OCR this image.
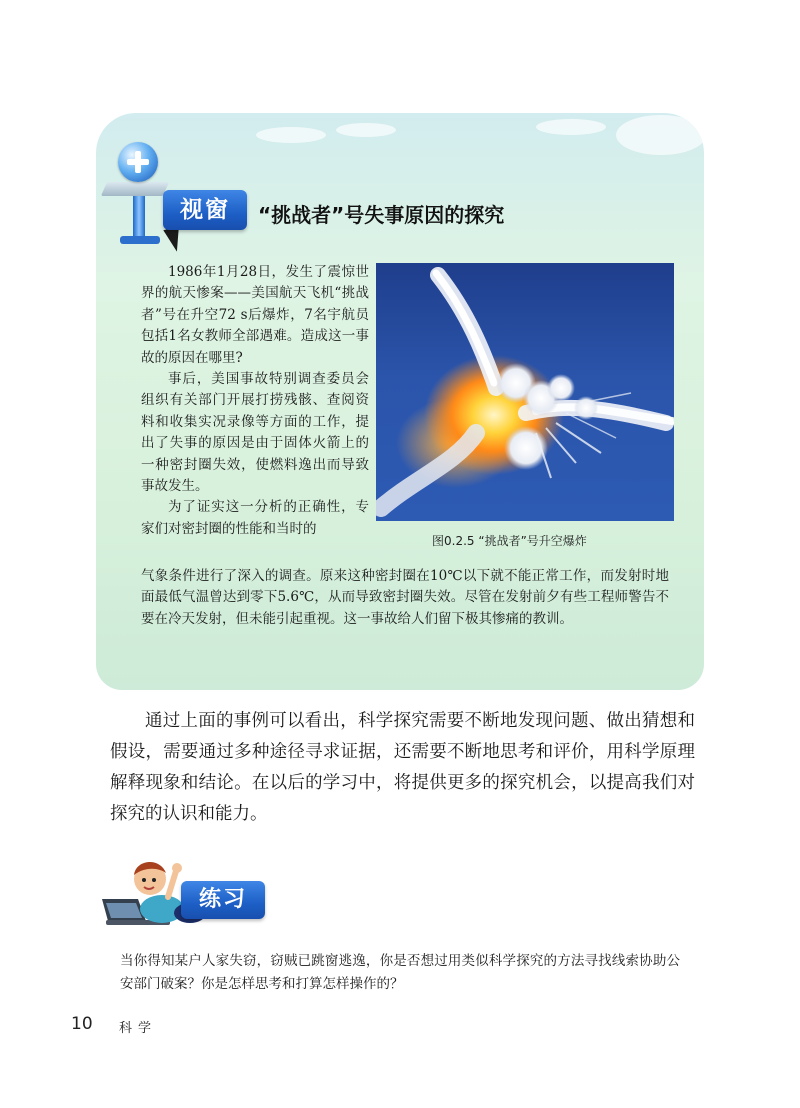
视窗	“挑战者”号失事原因的探究
图0.2.5 “挑战者”号升空爆炸

1986年1月28日，发生了震惊世界的航天惨案——美国航天飞机“挑战者”号在升空72 s后爆炸，7名宇航员包括1名女教师全部遇难。造成这一事故的原因在哪里?

事后，美国事故特别调查委员会组织有关部门开展打捞残骸、查阅资料和收集实况录像等方面的工作，提出了失事的原因是由于固体火箭上的一种密封圈失效，使燃料逸出而导致事故发生。

为了证实这一分析的正确性，专家们对密封圈的性能和当时的

气象条件进行了深入的调查。原来这种密封圈在10℃以下就不能正常工作，而发射时地面最低气温曾达到零下5.6℃，从而导致密封圈失效。尽管在发射前夕有些工程师警告不要在冷天发射，但未能引起重视。这一事故给人们留下极其惨痛的教训。

通过上面的事例可以看出，科学探究需要不断地发现问题、做出猜想和假设，需要通过多种途径寻求证据，还需要不断地思考和评价，用科学原理解释现象和结论。在以后的学习中，将提供更多的探究机会，以提高我们对探究的认识和能力。

练习

当你得知某户人家失窃，窃贼已跳窗逃逸，你是否想过用类似科学探究的方法寻找线索协助公安部门破案？你是怎样思考和打算怎样操作的？

10 科学
